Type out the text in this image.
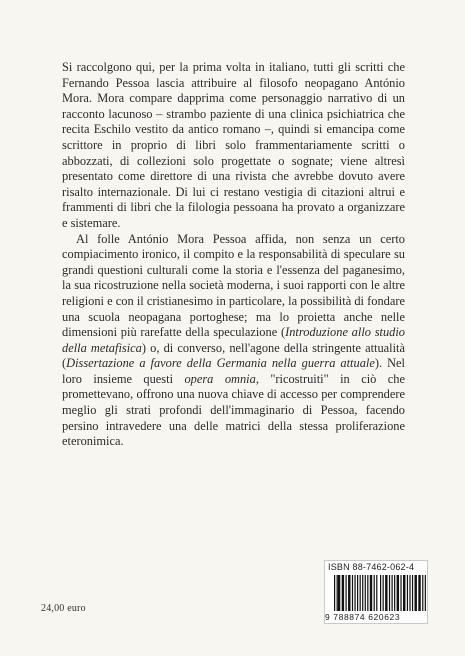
Si raccolgono qui, per la prima volta in italiano, tutti gli scritti che Fernando Pessoa lascia attribuire al filosofo neopagano António Mora. Mora compare dapprima come personaggio narrativo di un racconto lacunoso – strambo paziente di una clinica psichiatrica che recita Eschilo vestito da antico romano –, quindi si emancipa come scrittore in proprio di libri solo frammentariamente scritti o abbozzati, di collezioni solo progettate o sognate; viene altresì presentato come direttore di una rivista che avrebbe dovuto avere risalto internazionale. Di lui ci restano vestigia di citazioni altrui e frammenti di libri che la filologia pessoana ha provato a organizzare e sistemare.

Al folle António Mora Pessoa affida, non senza un certo compiacimento ironico, il compito e la responsabilità di speculare su grandi questioni culturali come la storia e l'essenza del paganesimo, la sua ricostruzione nella società moderna, i suoi rapporti con le altre religioni e con il cristianesimo in particolare, la possibilità di fondare una scuola neopagana portoghese; ma lo proietta anche nelle dimensioni più rarefatte della speculazione (Introduzione allo studio della metafisica) o, di converso, nell'agone della stringente attualità (Dissertazione a favore della Germania nella guerra attuale). Nel loro insieme questi opera omnia, "ricostruiti" in ciò che promettevano, offrono una nuova chiave di accesso per comprendere meglio gli strati profondi dell'immaginario di Pessoa, facendo persino intravedere una delle matrici della stessa proliferazione eteronimica.

24,00 euro
ISBN 88-7462-062-4
9 788874 620623
